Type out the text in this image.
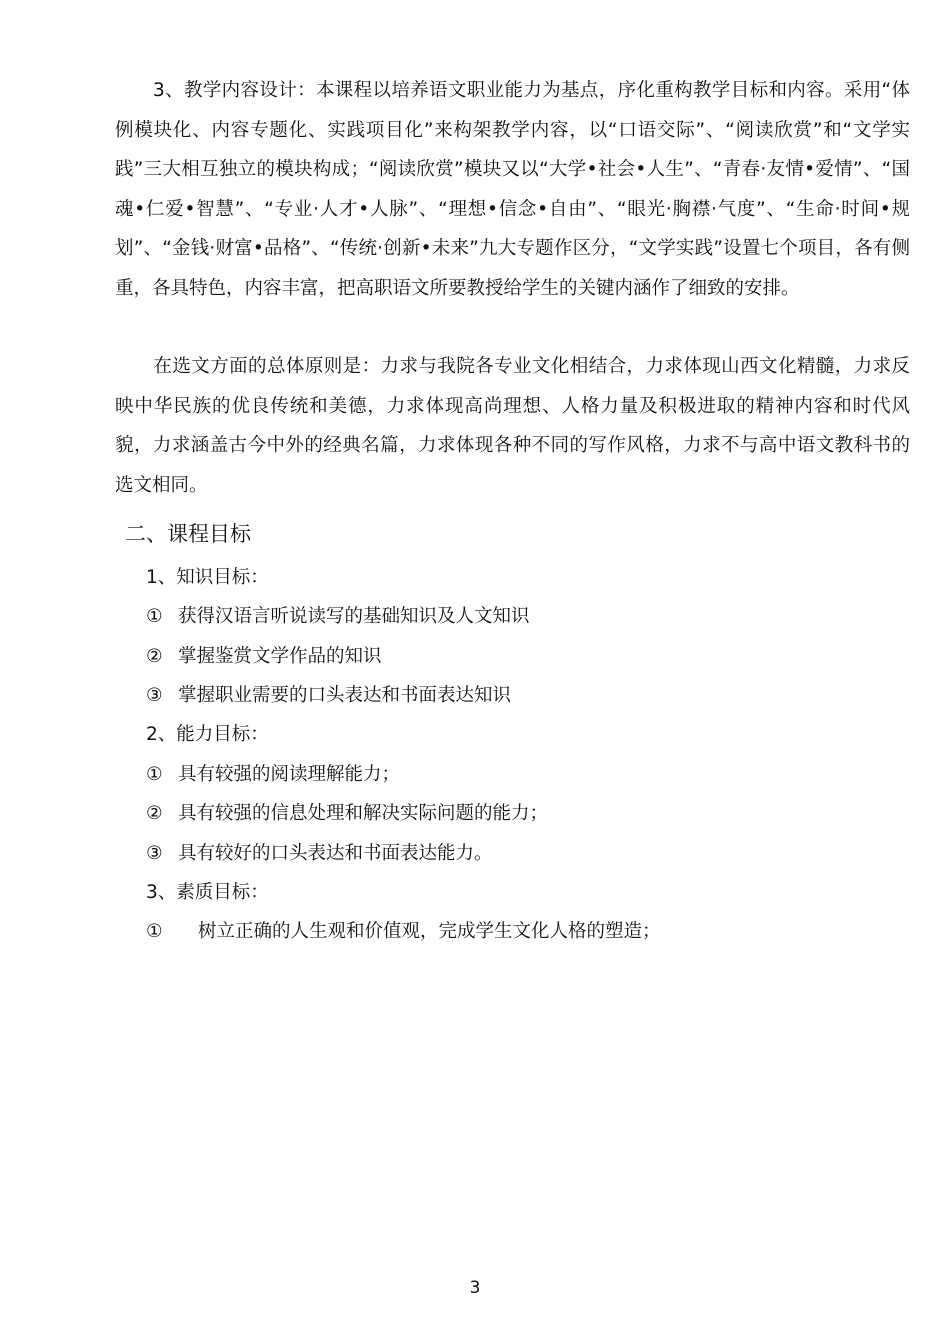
3、教学内容设计：本课程以培养语文职业能力为基点，序化重构教学目标和内容。采用“体例模块化、内容专题化、实践项目化”来构架教学内容，以“口语交际”、“阅读欣赏”和“文学实践”三大相互独立的模块构成；“阅读欣赏”模块又以“大学•社会•人生”、“青春·友情•爱情”、“国魂•仁爱•智慧”、“专业·人才•人脉”、“理想•信念•自由”、“眼光·胸襟·气度”、“生命·时间•规划”、“金钱·财富•品格”、“传统·创新•未来”九大专题作区分，“文学实践”设置七个项目，各有侧重，各具特色，内容丰富，把高职语文所要教授给学生的关键内涵作了细致的安排。

在选文方面的总体原则是：力求与我院各专业文化相结合，力求体现山西文化精髓，力求反映中华民族的优良传统和美德，力求体现高尚理想、人格力量及积极进取的精神内容和时代风貌，力求涵盖古今中外的经典名篇，力求体现各种不同的写作风格，力求不与高中语文教科书的选文相同。

二、课程目标
1、知识目标：
① 获得汉语言听说读写的基础知识及人文知识
② 掌握鉴赏文学作品的知识
③ 掌握职业需要的口头表达和书面表达知识
2、能力目标：
① 具有较强的阅读理解能力；
② 具有较强的信息处理和解决实际问题的能力；
③ 具有较好的口头表达和书面表达能力。
3、素质目标：
① 树立正确的人生观和价值观，完成学生文化人格的塑造；
3
